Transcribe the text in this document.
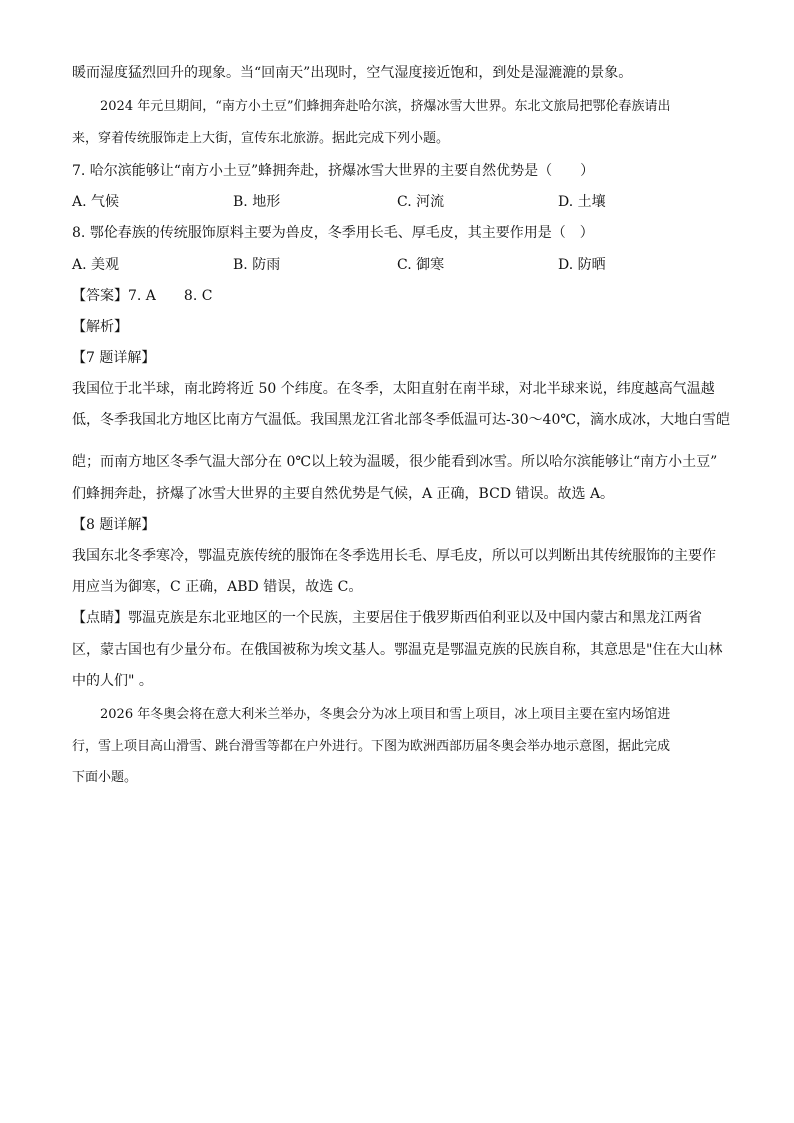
暖而湿度猛烈回升的现象。当“回南天”出现时，空气湿度接近饱和，到处是湿漉漉的景象。
2024 年元旦期间，“南方小土豆”们蜂拥奔赴哈尔滨，挤爆冰雪大世界。东北文旅局把鄂伦春族请出
来，穿着传统服饰走上大街，宣传东北旅游。据此完成下列小题。
7. 哈尔滨能够让“南方小土豆”蜂拥奔赴，挤爆冰雪大世界的主要自然优势是（　　）
A. 气候	B. 地形	C. 河流	D. 土壤
8. 鄂伦春族的传统服饰原料主要为兽皮，冬季用长毛、厚毛皮，其主要作用是（　）
A. 美观	B. 防雨	C. 御寒	D. 防晒
【答案】7. A　　8. C
【解析】
【7 题详解】
我国位于北半球，南北跨将近 50 个纬度。在冬季，太阳直射在南半球，对北半球来说，纬度越高气温越
低，冬季我国北方地区比南方气温低。我国黑龙江省北部冬季低温可达-30～40℃，滴水成冰，大地白雪皑
皑；而南方地区冬季气温大部分在 0℃以上较为温暖，很少能看到冰雪。所以哈尔滨能够让“南方小土豆”
们蜂拥奔赴，挤爆了冰雪大世界的主要自然优势是气候，A 正确，BCD 错误。故选 A。
【8 题详解】
我国东北冬季寒冷，鄂温克族传统的服饰在冬季选用长毛、厚毛皮，所以可以判断出其传统服饰的主要作
用应当为御寒，C 正确，ABD 错误，故选 C。
【点睛】鄂温克族是东北亚地区的一个民族，主要居住于俄罗斯西伯利亚以及中国内蒙古和黑龙江两省
区，蒙古国也有少量分布。在俄国被称为埃文基人。鄂温克是鄂温克族的民族自称，其意思是"住在大山林
中的人们" 。
2026 年冬奥会将在意大利米兰举办，冬奥会分为冰上项目和雪上项目，冰上项目主要在室内场馆进
行，雪上项目高山滑雪、跳台滑雪等都在户外进行。下图为欧洲西部历届冬奥会举办地示意图，据此完成
下面小题。
